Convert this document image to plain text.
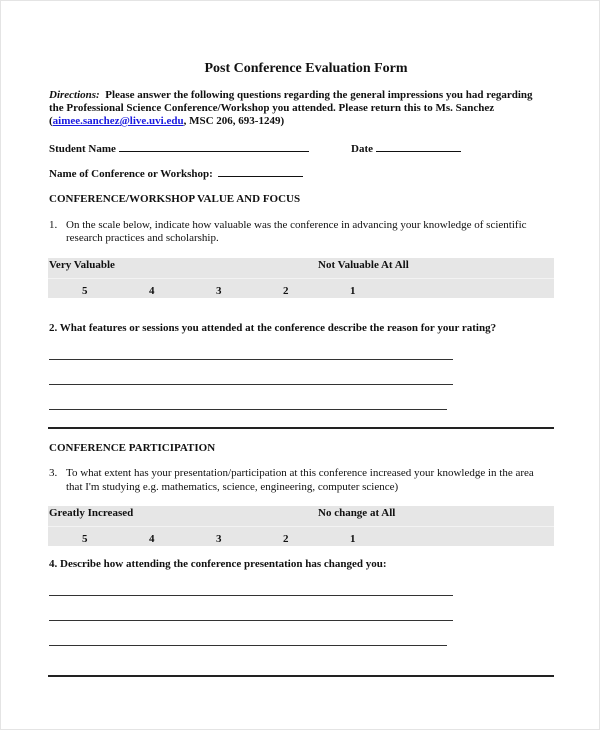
Post Conference Evaluation Form
Directions: Please answer the following questions regarding the general impressions you had regarding
the Professional Science Conference/Workshop you attended. Please return this to Ms. Sanchez
(aimee.sanchez@live.uvi.edu, MSC 206, 693-1249)
Student Name	Date
Name of Conference or Workshop:
CONFERENCE/WORKSHOP VALUE AND FOCUS
1. On the scale below, indicate how valuable was the conference in advancing your knowledge of scientific
research practices and scholarship.
Very Valuable	Not Valuable At All
5	4	3	2	1
2. What features or sessions you attended at the conference describe the reason for your rating?
CONFERENCE PARTICIPATION
3. To what extent has your presentation/participation at this conference increased your knowledge in the area
that I'm studying e.g. mathematics, science, engineering, computer science)
Greatly Increased	No change at All
5	4	3	2	1
4. Describe how attending the conference presentation has changed you:
